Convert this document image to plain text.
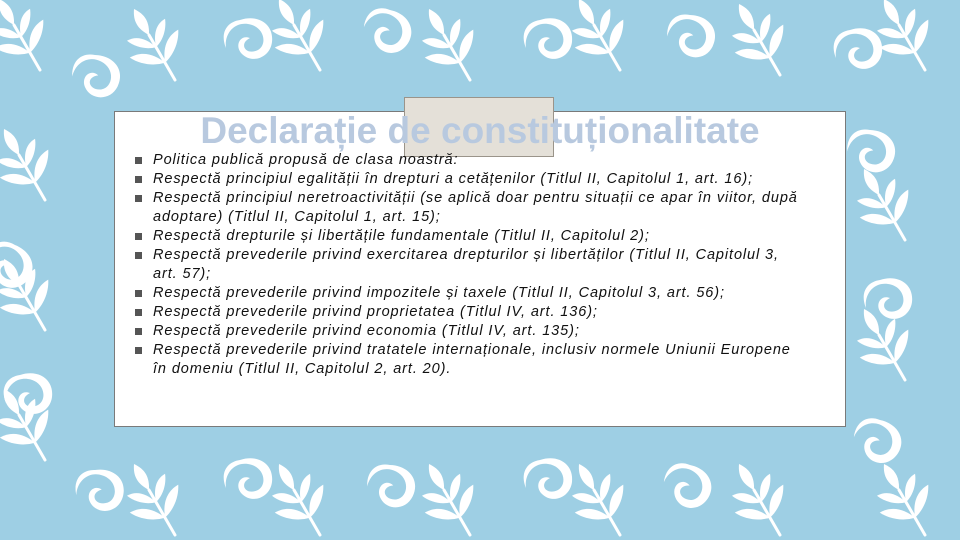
Declarație de constituționalitate
Politica publică propusă de clasa noastră:
Respectă principiul egalității în drepturi a cetățenilor (Titlul II, Capitolul 1, art. 16);
Respectă principiul neretroactivității (se aplică doar pentru situații ce apar în viitor, după adoptare) (Titlul II, Capitolul 1, art. 15);
Respectă drepturile și libertățile fundamentale (Titlul II, Capitolul 2);
Respectă prevederile privind exercitarea drepturilor și libertăților (Titlul II, Capitolul 3, art. 57);
Respectă prevederile privind impozitele și taxele (Titlul II, Capitolul 3, art. 56);
Respectă prevederile privind proprietatea (Titlul IV, art. 136);
Respectă prevederile privind economia (Titlul IV, art. 135);
Respectă prevederile privind tratatele internaționale, inclusiv normele Uniunii Europene în domeniu (Titlul II, Capitolul 2, art. 20).
